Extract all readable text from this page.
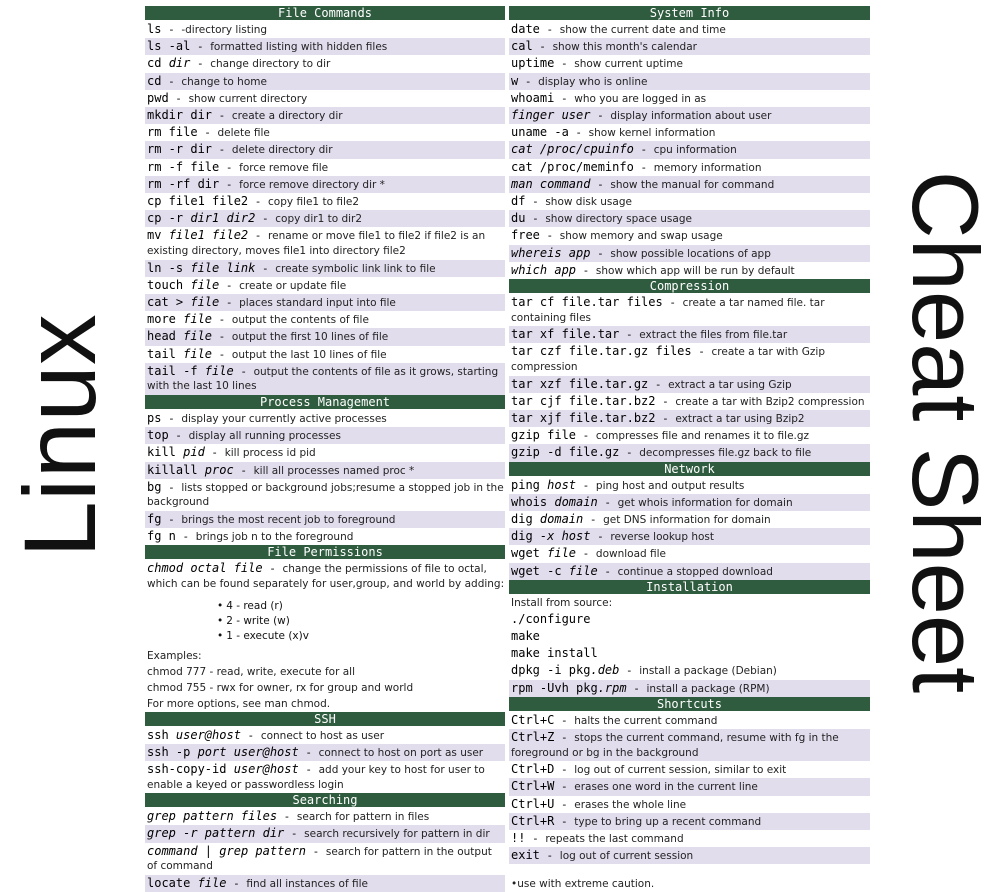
Linux	Cheat Sheet
File Commands
ls - -directory listing
ls -al - formatted listing with hidden files
cd dir - change directory to dir
cd - change to home
pwd - show current directory
mkdir dir - create a directory dir
rm file - delete file
rm -r dir - delete directory dir
rm -f file - force remove file
rm -rf dir - force remove directory dir *
cp file1 file2 - copy file1 to file2
cp -r dir1 dir2 - copy dir1 to dir2
mv file1 file2 - rename or move file1 to file2 if file2 is an existing directory, moves file1 into directory file2
ln -s file link - create symbolic link link to file
touch file - create or update file
cat > file - places standard input into file
more file - output the contents of file
head file - output the first 10 lines of file
tail file - output the last 10 lines of file
tail -f file - output the contents of file as it grows, starting with the last 10 lines
Process Management
ps - display your currently active processes
top - display all running processes
kill pid - kill process id pid
killall proc - kill all processes named proc *
bg - lists stopped or background jobs;resume a stopped job in the background
fg - brings the most recent job to foreground
fg n - brings job n to the foreground
File Permissions
chmod octal file - change the permissions of file to octal, which can be found separately for user,group, and world by adding:
• 4 - read (r)
• 2 - write (w)
• 1 - execute (x)v
Examples:
chmod 777 - read, write, execute for all
chmod 755 - rwx for owner, rx for group and world
For more options, see man chmod.
SSH
ssh user@host - connect to host as user
ssh -p port user@host - connect to host on port as user
ssh-copy-id user@host - add your key to host for user to enable a keyed or passwordless login
Searching
grep pattern files - search for pattern in files
grep -r pattern dir - search recursively for pattern in dir
command | grep pattern - search for pattern in the output of command
locate file - find all instances of file
System Info
date - show the current date and time
cal - show this month's calendar
uptime - show current uptime
w - display who is online
whoami - who you are logged in as
finger user - display information about user
uname -a - show kernel information
cat /proc/cpuinfo - cpu information
cat /proc/meminfo - memory information
man command - show the manual for command
df - show disk usage
du - show directory space usage
free - show memory and swap usage
whereis app - show possible locations of app
which app - show which app will be run by default
Compression
tar cf file.tar files - create a tar named file. tar containing files
tar xf file.tar - extract the files from file.tar
tar czf file.tar.gz files - create a tar with Gzip compression
tar xzf file.tar.gz - extract a tar using Gzip
tar cjf file.tar.bz2 - create a tar with Bzip2 compression
tar xjf file.tar.bz2 - extract a tar using Bzip2
gzip file - compresses file and renames it to file.gz
gzip -d file.gz - decompresses file.gz back to file
Network
ping host - ping host and output results
whois domain - get whois information for domain
dig domain - get DNS information for domain
dig -x host - reverse lookup host
wget file - download file
wget -c file - continue a stopped download
Installation
Install from source:
./configure
make
make install
dpkg -i pkg.deb - install a package (Debian)
rpm -Uvh pkg.rpm - install a package (RPM)
Shortcuts
Ctrl+C - halts the current command
Ctrl+Z - stops the current command, resume with fg in the foreground or bg in the background
Ctrl+D - log out of current session, similar to exit
Ctrl+W - erases one word in the current line
Ctrl+U - erases the whole line
Ctrl+R - type to bring up a recent command
!! - repeats the last command
exit - log out of current session
•use with extreme caution.
